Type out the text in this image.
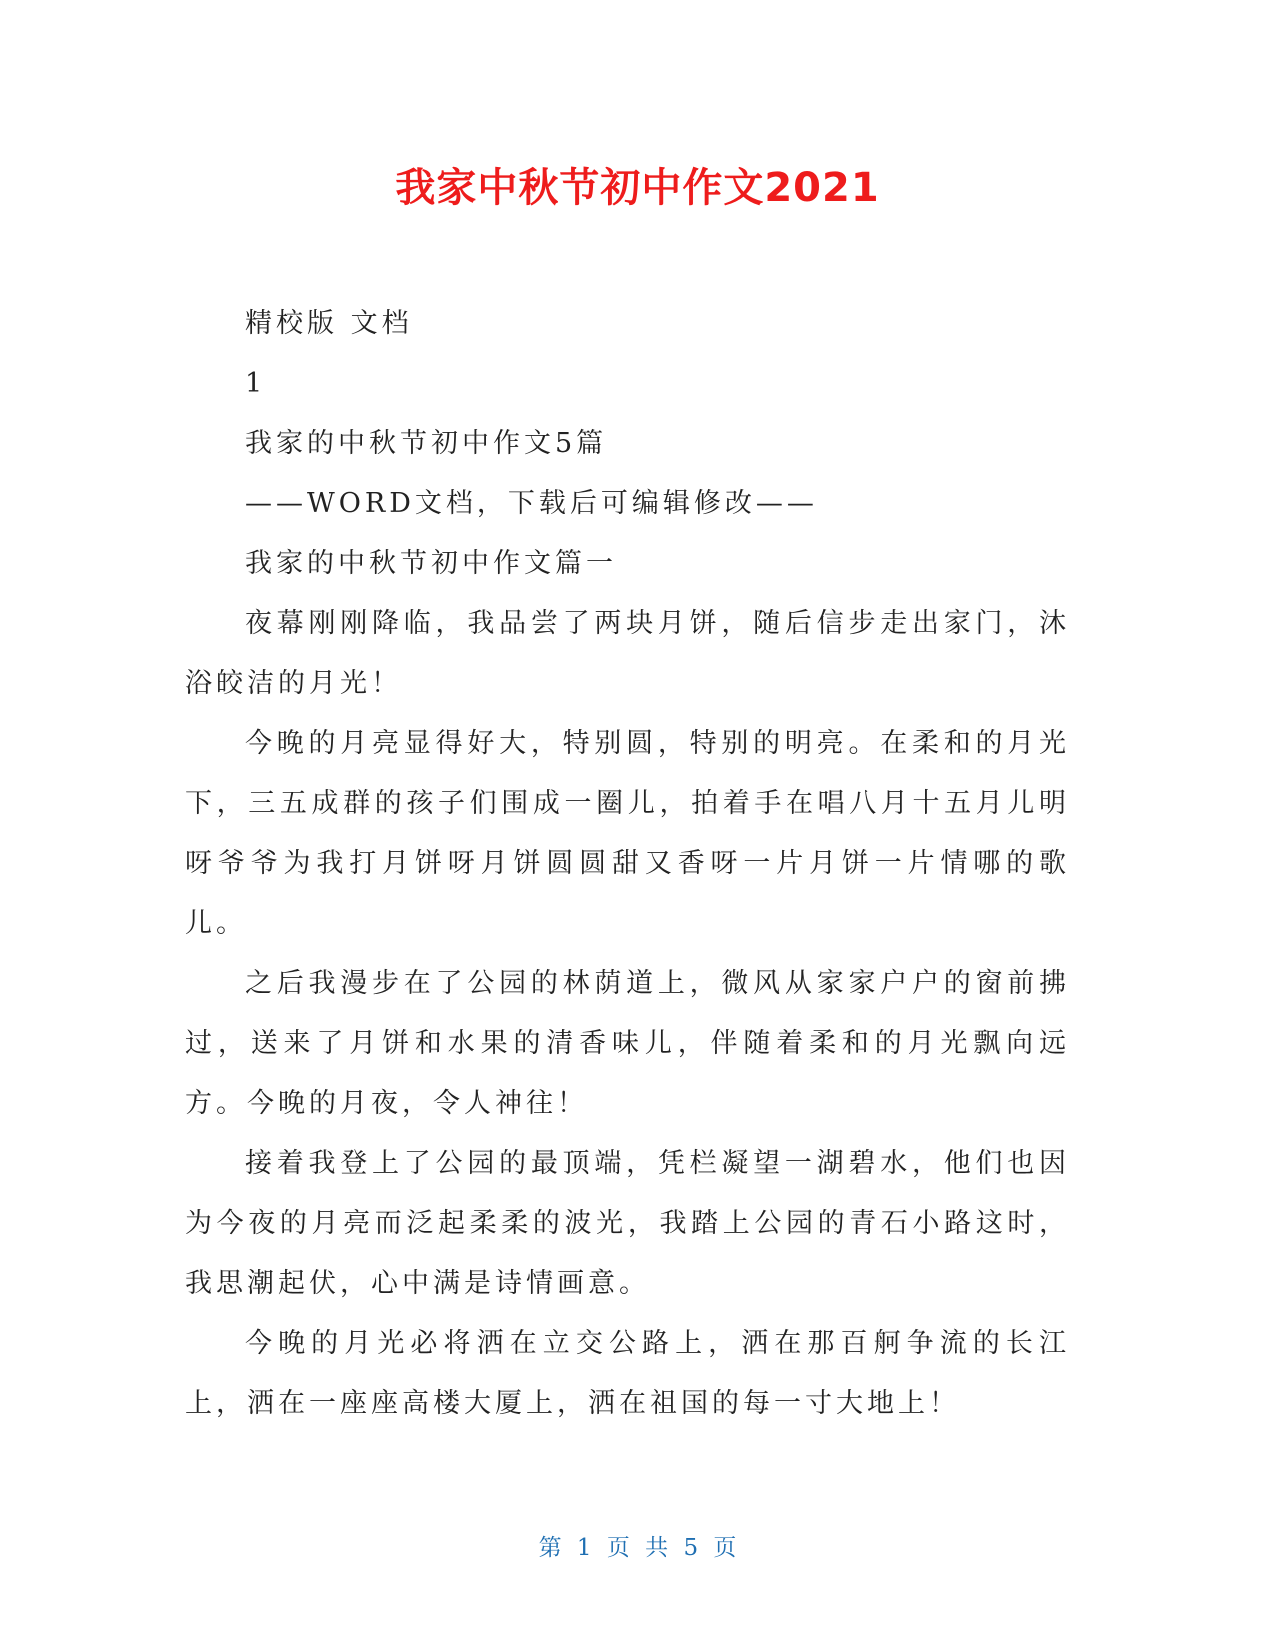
我家中秋节初中作文2021

精校版 文档

1

我家的中秋节初中作文5篇

——WORD文档，下载后可编辑修改——

我家的中秋节初中作文篇一

夜幕刚刚降临，我品尝了两块月饼，随后信步走出家门，沐浴皎洁的月光！

今晚的月亮显得好大，特别圆，特别的明亮。在柔和的月光下，三五成群的孩子们围成一圈儿，拍着手在唱八月十五月儿明呀爷爷为我打月饼呀月饼圆圆甜又香呀一片月饼一片情哪的歌儿。

之后我漫步在了公园的林荫道上，微风从家家户户的窗前拂过，送来了月饼和水果的清香味儿，伴随着柔和的月光飘向远方。今晚的月夜，令人神往！

接着我登上了公园的最顶端，凭栏凝望一湖碧水，他们也因为今夜的月亮而泛起柔柔的波光，我踏上公园的青石小路这时，我思潮起伏，心中满是诗情画意。

今晚的月光必将洒在立交公路上，洒在那百舸争流的长江上，洒在一座座高楼大厦上，洒在祖国的每一寸大地上！

第 1 页 共 5 页
